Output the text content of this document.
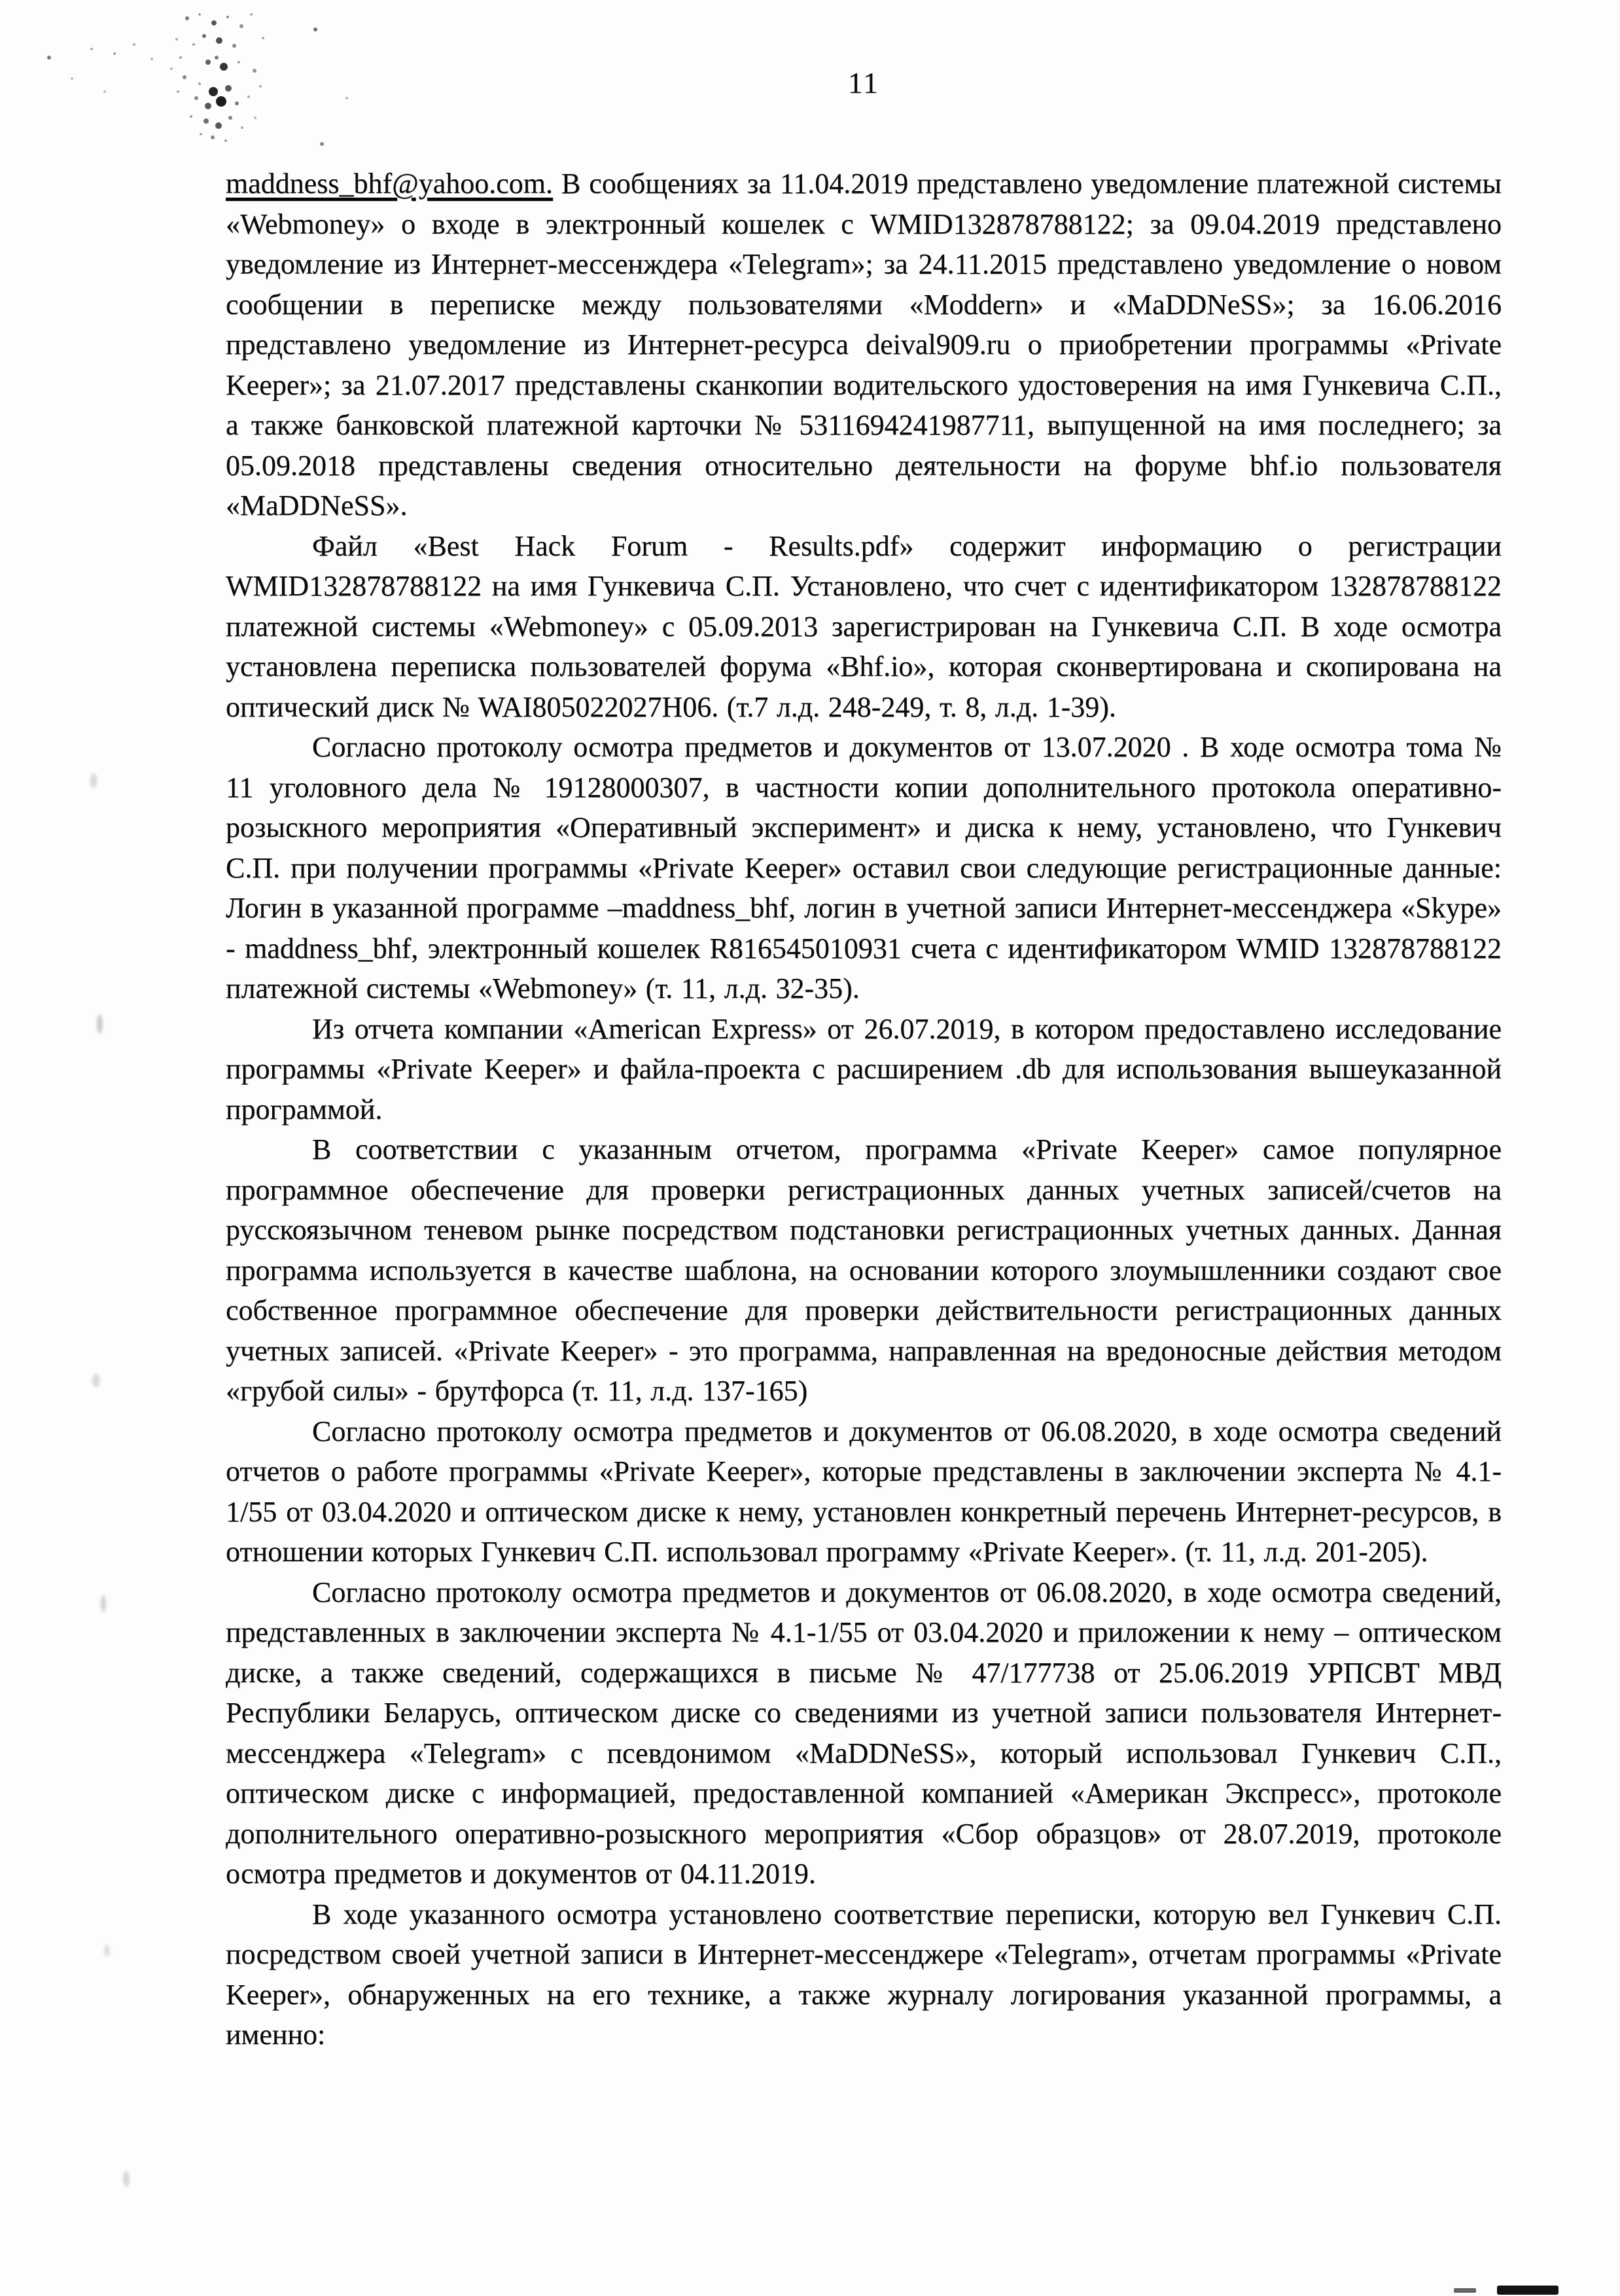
11

maddness_bhf@yahoo.com. В сообщениях за 11.04.2019 представлено уведомление платежной системы «Webmoney» о входе в электронный кошелек с WMID132878788122; за 09.04.2019 представлено уведомление из Интернет-мессенждера «Telegram»; за 24.11.2015 представлено уведомление о новом сообщении в переписке между пользователями «Moddern» и «MaDDNeSS»; за 16.06.2016 представлено уведомление из Интернет-ресурса deival909.ru о приобретении программы «Private Keeper»; за 21.07.2017 представлены сканкопии водительского удостоверения на имя Гункевича С.П., а также банковской платежной карточки № 5311694241987711, выпущенной на имя последнего; за 05.09.2018 представлены сведения относительно деятельности на форуме bhf.io пользователя «MaDDNeSS».

Файл «Best Hack Forum - Results.pdf» содержит информацию о регистрации WMID132878788122 на имя Гункевича С.П. Установлено, что счет с идентификатором 132878788122 платежной системы «Webmoney» с 05.09.2013 зарегистрирован на Гункевича С.П. В ходе осмотра установлена переписка пользователей форума «Bhf.io», которая сконвертирована и скопирована на оптический диск № WAI805022027H06. (т.7 л.д. 248-249, т. 8, л.д. 1-39).

Согласно протоколу осмотра предметов и документов от 13.07.2020 . В ходе осмотра тома № 11 уголовного дела № 19128000307, в частности копии дополнительного протокола оперативно-розыскного мероприятия «Оперативный эксперимент» и диска к нему, установлено, что Гункевич С.П. при получении программы «Private Keeper» оставил свои следующие регистрационные данные: Логин в указанной программе –maddness_bhf, логин в учетной записи Интернет-мессенджера «Skype» - maddness_bhf, электронный кошелек R816545010931 счета с идентификатором WMID 132878788122 платежной системы «Webmoney» (т. 11, л.д. 32-35).

Из отчета компании «American Express» от 26.07.2019, в котором предоставлено исследование программы «Private Keeper» и файла-проекта с расширением .db для использования вышеуказанной программой.

В соответствии с указанным отчетом, программа «Private Keeper» самое популярное программное обеспечение для проверки регистрационных данных учетных записей/счетов на русскоязычном теневом рынке посредством подстановки регистрационных учетных данных. Данная программа используется в качестве шаблона, на основании которого злоумышленники создают свое собственное программное обеспечение для проверки действительности регистрационных данных учетных записей. «Private Keeper» - это программа, направленная на вредоносные действия методом «грубой силы» - брутфорса (т. 11, л.д. 137-165)

Согласно протоколу осмотра предметов и документов от 06.08.2020, в ходе осмотра сведений отчетов о работе программы «Private Keeper», которые представлены в заключении эксперта № 4.1-1/55 от 03.04.2020 и оптическом диске к нему, установлен конкретный перечень Интернет-ресурсов, в отношении которых Гункевич С.П. использовал программу «Private Keeper». (т. 11, л.д. 201-205).

Согласно протоколу осмотра предметов и документов от 06.08.2020, в ходе осмотра сведений, представленных в заключении эксперта № 4.1-1/55 от 03.04.2020 и приложении к нему – оптическом диске, а также сведений, содержащихся в письме № 47/177738 от 25.06.2019 УРПСВТ МВД Республики Беларусь, оптическом диске со сведениями из учетной записи пользователя Интернет-мессенджера «Telegram» с псевдонимом «MaDDNeSS», который использовал Гункевич С.П., оптическом диске с информацией, предоставленной компанией «Американ Экспресс», протоколе дополнительного оперативно-розыскного мероприятия «Сбор образцов» от 28.07.2019, протоколе осмотра предметов и документов от 04.11.2019.

В ходе указанного осмотра установлено соответствие переписки, которую вел Гункевич С.П. посредством своей учетной записи в Интернет-мессенджере «Telegram», отчетам программы «Private Keeper», обнаруженных на его технике, а также журналу логирования указанной программы, а именно:
